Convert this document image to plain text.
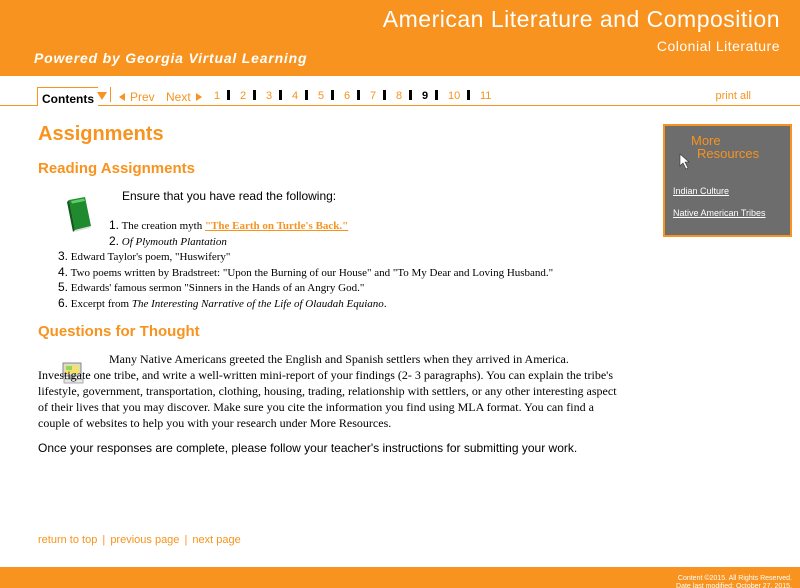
American Literature and Composition
Colonial Literature
Powered by Georgia Virtual Learning
Contents	Prev Next	1 2 3 4 5 6 7 8 9 10 11	print all
Assignments
Reading Assignments
Ensure that you have read the following:
1. The creation myth "The Earth on Turtle's Back."
2. Of Plymouth Plantation
3. Edward Taylor's poem, "Huswifery"
4. Two poems written by Bradstreet: "Upon the Burning of our House" and "To My Dear and Loving Husband."
5. Edwards' famous sermon "Sinners in the Hands of an Angry God."
6. Excerpt from The Interesting Narrative of the Life of Olaudah Equiano.
Questions for Thought
Many Native Americans greeted the English and Spanish settlers when they arrived in America. Investigate one tribe, and write a well-written mini-report of your findings (2- 3 paragraphs). You can explain the tribe's lifestyle, government, transportation, clothing, housing, trading, relationship with settlers, or any other interesting aspect of their lives that you may discover. Make sure you cite the information you find using MLA format. You can find a couple of websites to help you with your research under More Resources.
Once your responses are complete, please follow your teacher's instructions for submitting your work.
return to top | previous page | next page
More
Resources
Indian Culture
Native American Tribes
Content ©2015. All Rights Reserved.
Date last modified: October 27, 2015.
